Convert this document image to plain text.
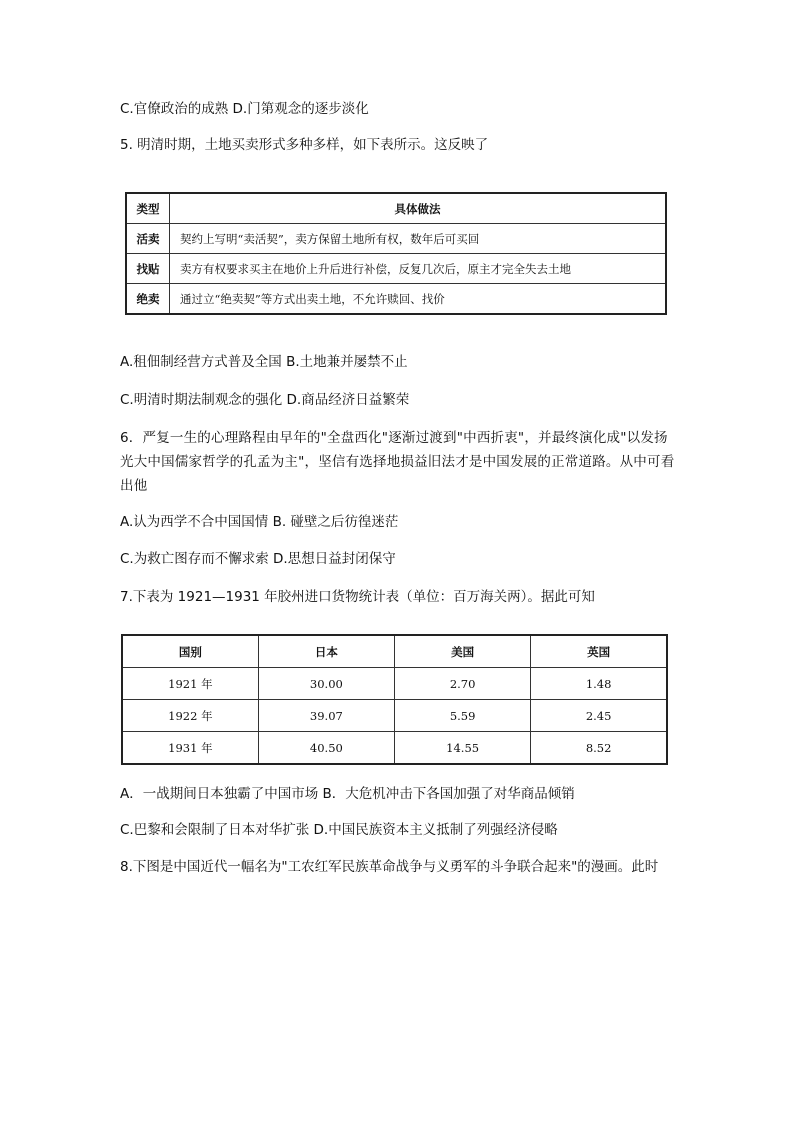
C.官僚政治的成熟 D.门第观念的逐步淡化
5. 明清时期，土地买卖形式多种多样，如下表所示。这反映了
类型	具体做法
活卖	契约上写明“卖活契”，卖方保留土地所有权，数年后可买回
找贴	卖方有权要求买主在地价上升后进行补偿，反复几次后，原主才完全失去土地
绝卖	通过立“绝卖契”等方式出卖土地，不允许赎回、找价
A.租佃制经营方式普及全国 B.土地兼并屡禁不止
C.明清时期法制观念的强化 D.商品经济日益繁荣
6．严复一生的心理路程由早年的"全盘西化"逐渐过渡到"中西折衷"，并最终演化成"以发扬光大中国儒家哲学的孔孟为主"，坚信有选择地损益旧法才是中国发展的正常道路。从中可看出他
A.认为西学不合中国国情 B. 碰壁之后彷徨迷茫
C.为救亡图存而不懈求索 D.思想日益封闭保守
7.下表为 1921—1931 年胶州进口货物统计表（单位：百万海关两）。据此可知
国别	日本	美国	英国
1921 年	30.00	2.70	1.48
1922 年	39.07	5.59	2.45
1931 年	40.50	14.55	8.52
A．一战期间日本独霸了中国市场 B．大危机冲击下各国加强了对华商品倾销
C.巴黎和会限制了日本对华扩张 D.中国民族资本主义抵制了列强经济侵略
8.下图是中国近代一幅名为"工农红军民族革命战争与义勇军的斗争联合起来"的漫画。此时
